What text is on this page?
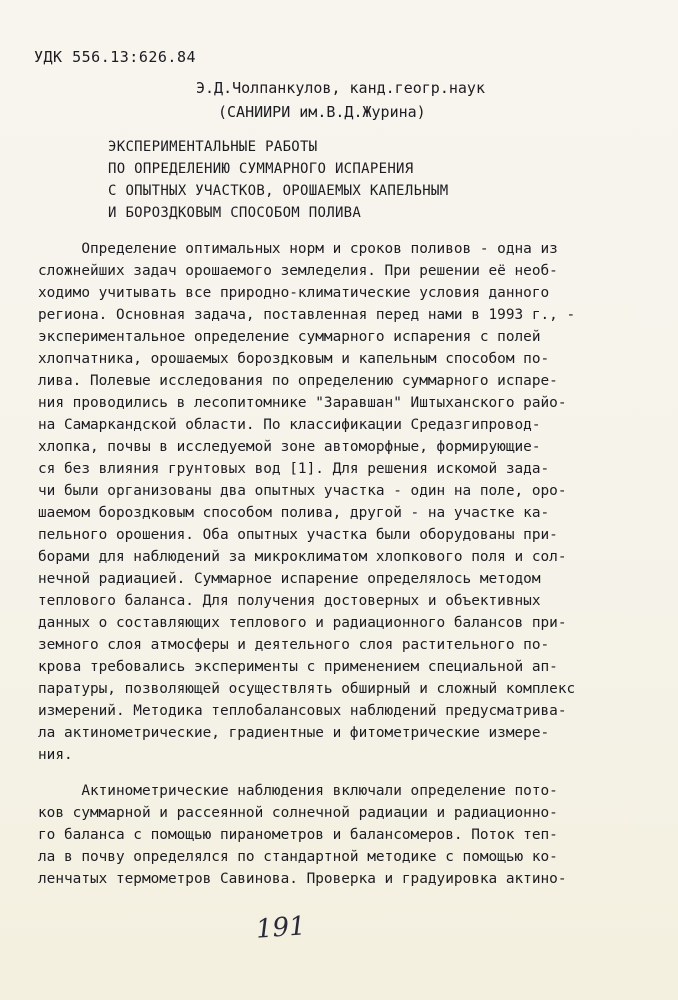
УДК 556.13:626.84
Э.Д.Чолпанкулов, канд.геогр.наук
(САНИИРИ им.В.Д.Журина)
ЭКСПЕРИМЕНТАЛЬНЫЕ РАБОТЫ
ПО ОПРЕДЕЛЕНИЮ СУММАРНОГО ИСПАРЕНИЯ
С ОПЫТНЫХ УЧАСТКОВ, ОРОШАЕМЫХ КАПЕЛЬНЫМ
И БОРОЗДКОВЫМ СПОСОБОМ ПОЛИВА
Определение оптимальных норм и сроков поливов - одна из
сложнейших задач орошаемого земледелия. При решении её необ-
ходимо учитывать все природно-климатические условия данного
региона. Основная задача, поставленная перед нами в 1993 г., -
экспериментальное определение суммарного испарения с полей
хлопчатника, орошаемых бороздковым и капельным способом по-
лива. Полевые исследования по определению суммарного испаре-
ния проводились в лесопитомнике "Заравшан" Иштыханского райо-
на Самаркандской области. По классификации Средазгипровод-
хлопка, почвы в исследуемой зоне автоморфные, формирующие-
ся без влияния грунтовых вод [1]. Для решения искомой зада-
чи были организованы два опытных участка - один на поле, оро-
шаемом бороздковым способом полива, другой - на участке ка-
пельного орошения. Оба опытных участка были оборудованы при-
борами для наблюдений за микроклиматом хлопкового поля и сол-
нечной радиацией. Суммарное испарение определялось методом
теплового баланса. Для получения достоверных и объективных
данных о составляющих теплового и радиационного балансов при-
земного слоя атмосферы и деятельного слоя растительного по-
крова требовались эксперименты с применением специальной ап-
паратуры, позволяющей осуществлять обширный и сложный комплекс
измерений. Методика теплобалансовых наблюдений предусматрива-
ла актинометрические, градиентные и фитометрические измере-
ния.
Актинометрические наблюдения включали определение пото-
ков суммарной и рассеянной солнечной радиации и радиационно-
го баланса с помощью пиранометров и балансомеров. Поток теп-
ла в почву определялся по стандартной методике с помощью ко-
ленчатых термометров Савинова. Проверка и градуировка актино-
191
